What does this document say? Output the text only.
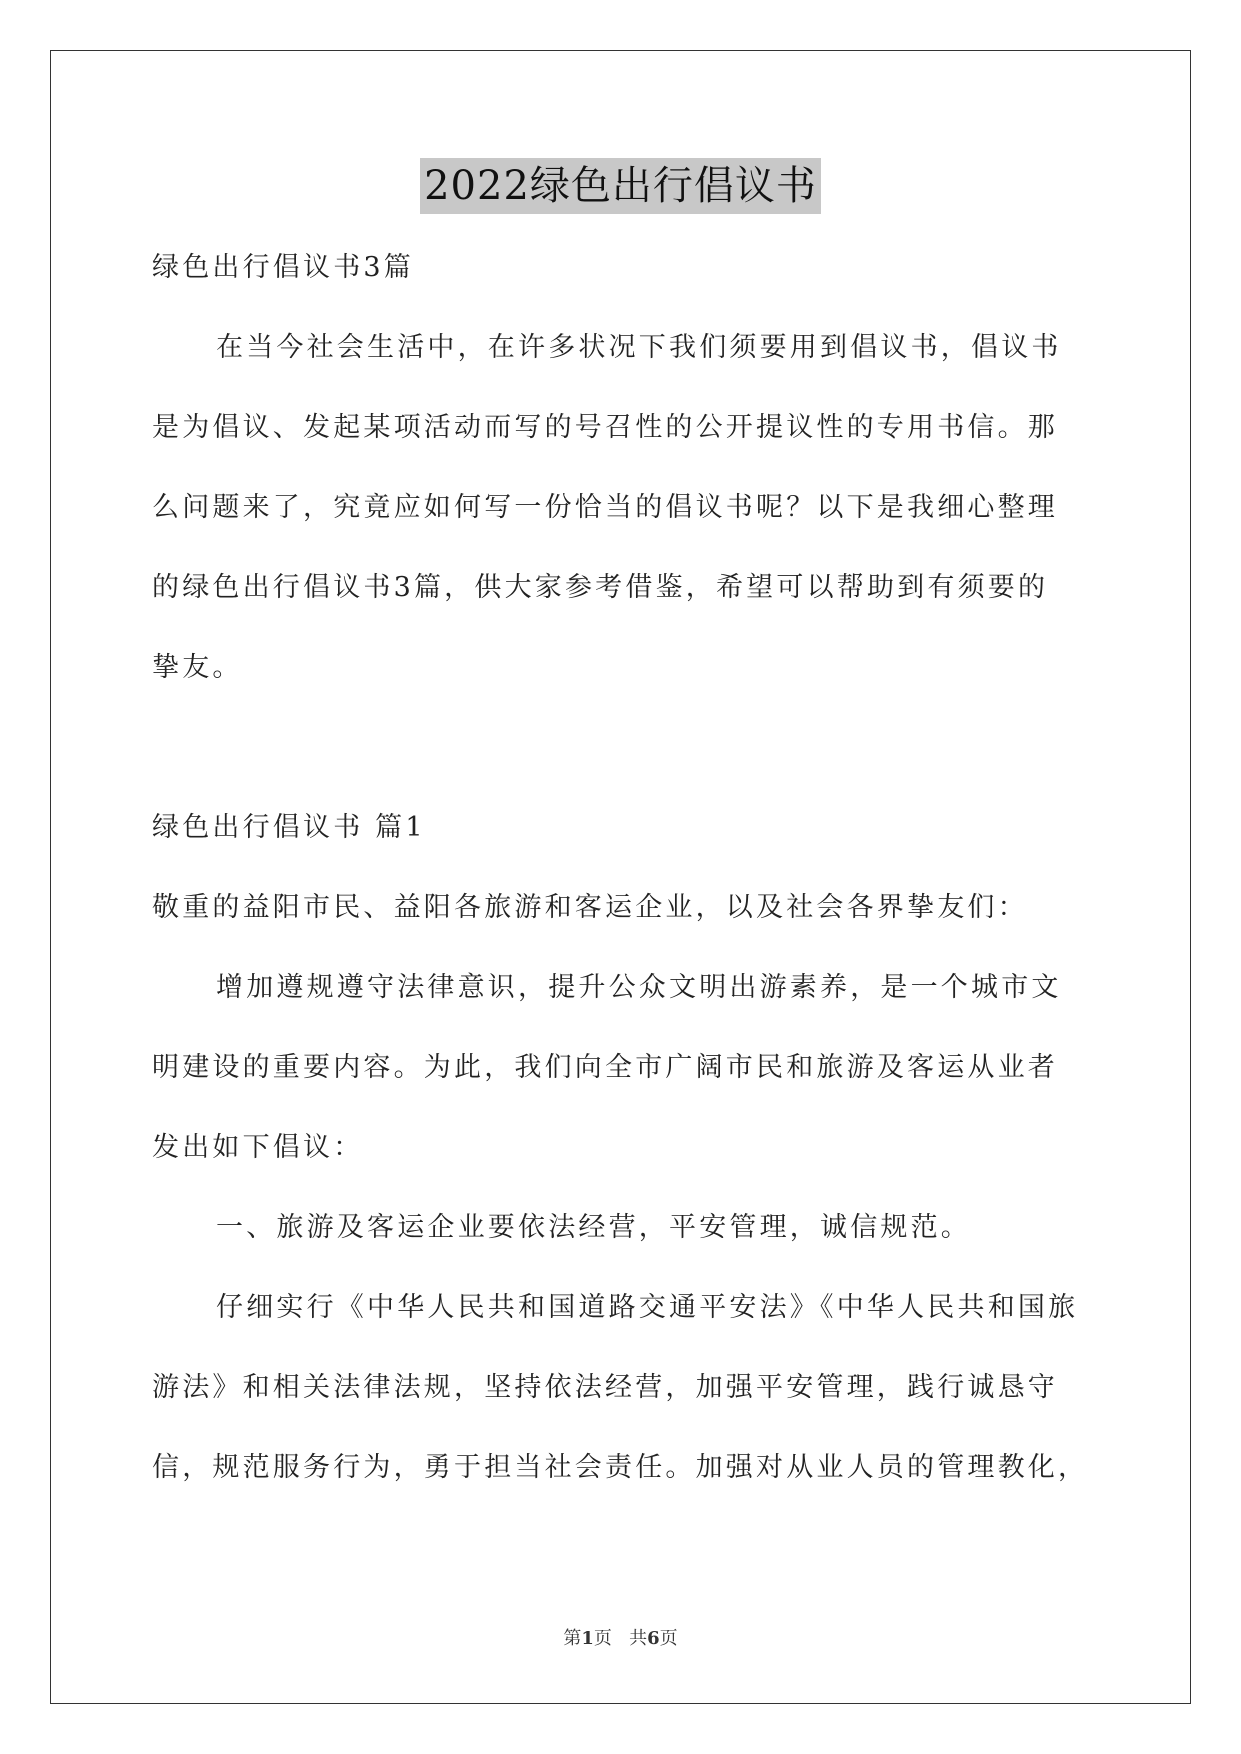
2022绿色出行倡议书
绿色出行倡议书3篇
在当今社会生活中，在许多状况下我们须要用到倡议书，倡议书
是为倡议、发起某项活动而写的号召性的公开提议性的专用书信。那
么问题来了，究竟应如何写一份恰当的倡议书呢？以下是我细心整理
的绿色出行倡议书3篇，供大家参考借鉴，希望可以帮助到有须要的
挚友。
绿色出行倡议书 篇1
敬重的益阳市民、益阳各旅游和客运企业，以及社会各界挚友们：
增加遵规遵守法律意识，提升公众文明出游素养，是一个城市文
明建设的重要内容。为此，我们向全市广阔市民和旅游及客运从业者
发出如下倡议：
一、旅游及客运企业要依法经营，平安管理，诚信规范。
仔细实行《中华人民共和国道路交通平安法》《中华人民共和国旅
游法》和相关法律法规，坚持依法经营，加强平安管理，践行诚恳守
信，规范服务行为，勇于担当社会责任。加强对从业人员的管理教化，
第1页 共6页
